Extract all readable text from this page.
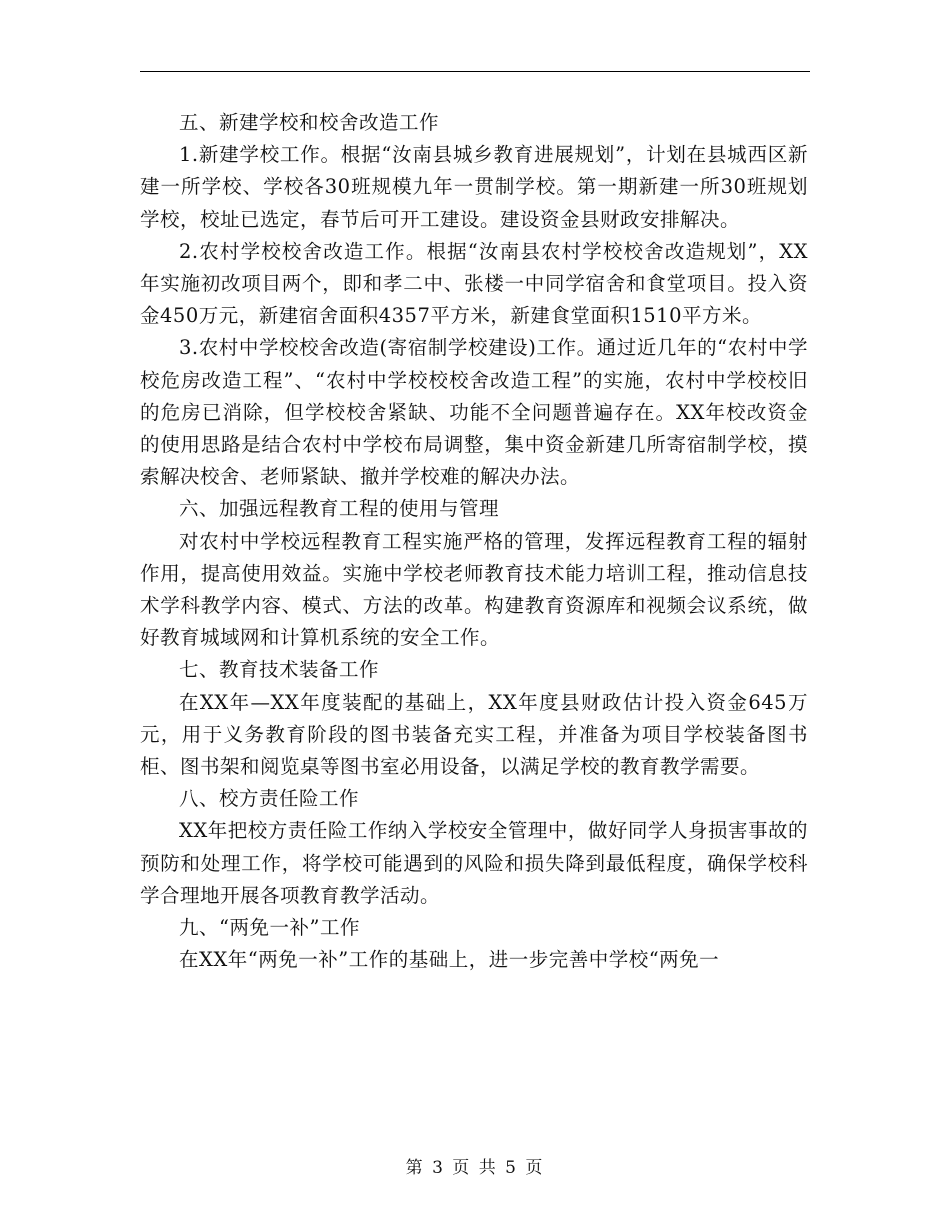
五、新建学校和校舍改造工作

1.新建学校工作。根据“汝南县城乡教育进展规划”，计划在县城西区新建一所学校、学校各30班规模九年一贯制学校。第一期新建一所30班规划学校，校址已选定，春节后可开工建设。建设资金县财政安排解决。

2.农村学校校舍改造工作。根据“汝南县农村学校校舍改造规划”，XX年实施初改项目两个，即和孝二中、张楼一中同学宿舍和食堂项目。投入资金450万元，新建宿舍面积4357平方米，新建食堂面积1510平方米。

3.农村中学校校舍改造(寄宿制学校建设)工作。通过近几年的“农村中学校危房改造工程”、“农村中学校校校舍改造工程”的实施，农村中学校校旧的危房已消除，但学校校舍紧缺、功能不全问题普遍存在。XX年校改资金的使用思路是结合农村中学校布局调整，集中资金新建几所寄宿制学校，摸索解决校舍、老师紧缺、撤并学校难的解决办法。

六、加强远程教育工程的使用与管理

对农村中学校远程教育工程实施严格的管理，发挥远程教育工程的辐射作用，提高使用效益。实施中学校老师教育技术能力培训工程，推动信息技术学科教学内容、模式、方法的改革。构建教育资源库和视频会议系统，做好教育城域网和计算机系统的安全工作。

七、教育技术装备工作

在XX年—XX年度装配的基础上，XX年度县财政估计投入资金645万元，用于义务教育阶段的图书装备充实工程，并准备为项目学校装备图书柜、图书架和阅览桌等图书室必用设备，以满足学校的教育教学需要。

八、校方责任险工作

XX年把校方责任险工作纳入学校安全管理中，做好同学人身损害事故的预防和处理工作，将学校可能遇到的风险和损失降到最低程度，确保学校科学合理地开展各项教育教学活动。

九、“两免一补”工作

在XX年“两免一补”工作的基础上，进一步完善中学校“两免一

第 3 页 共 5 页
